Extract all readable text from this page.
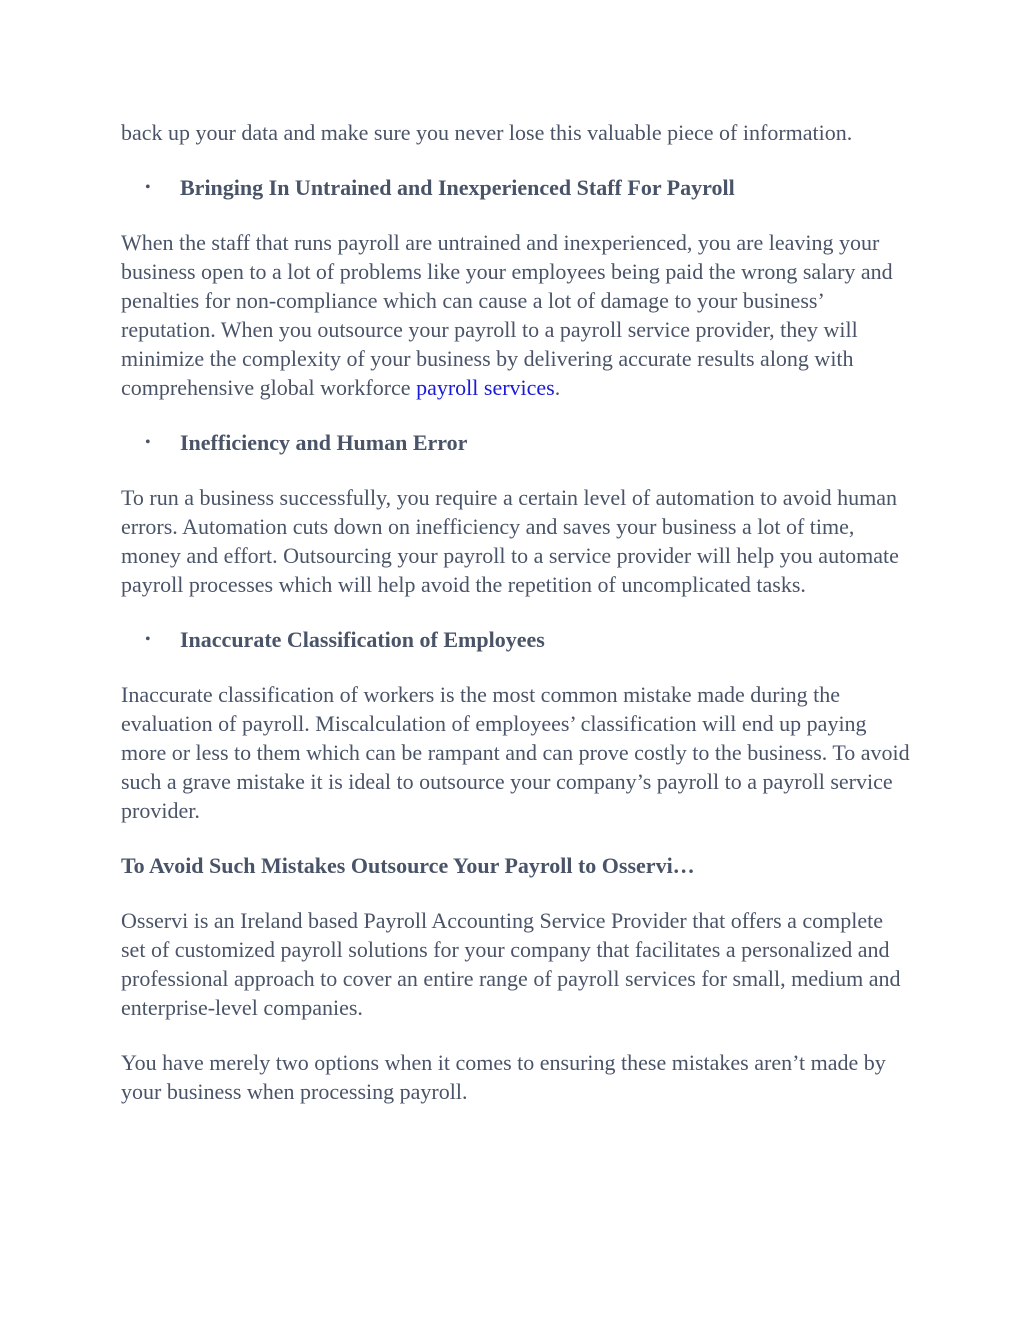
back up your data and make sure you never lose this valuable piece of information.

• Bringing In Untrained and Inexperienced Staff For Payroll

When the staff that runs payroll are untrained and inexperienced, you are leaving your business open to a lot of problems like your employees being paid the wrong salary and penalties for non-compliance which can cause a lot of damage to your business’ reputation. When you outsource your payroll to a payroll service provider, they will minimize the complexity of your business by delivering accurate results along with comprehensive global workforce payroll services.

• Inefficiency and Human Error

To run a business successfully, you require a certain level of automation to avoid human errors. Automation cuts down on inefficiency and saves your business a lot of time, money and effort. Outsourcing your payroll to a service provider will help you automate payroll processes which will help avoid the repetition of uncomplicated tasks.

• Inaccurate Classification of Employees

Inaccurate classification of workers is the most common mistake made during the evaluation of payroll. Miscalculation of employees’ classification will end up paying more or less to them which can be rampant and can prove costly to the business. To avoid such a grave mistake it is ideal to outsource your company’s payroll to a payroll service provider.

To Avoid Such Mistakes Outsource Your Payroll to Osservi…

Osservi is an Ireland based Payroll Accounting Service Provider that offers a complete set of customized payroll solutions for your company that facilitates a personalized and professional approach to cover an entire range of payroll services for small, medium and enterprise-level companies.

You have merely two options when it comes to ensuring these mistakes aren’t made by your business when processing payroll.
